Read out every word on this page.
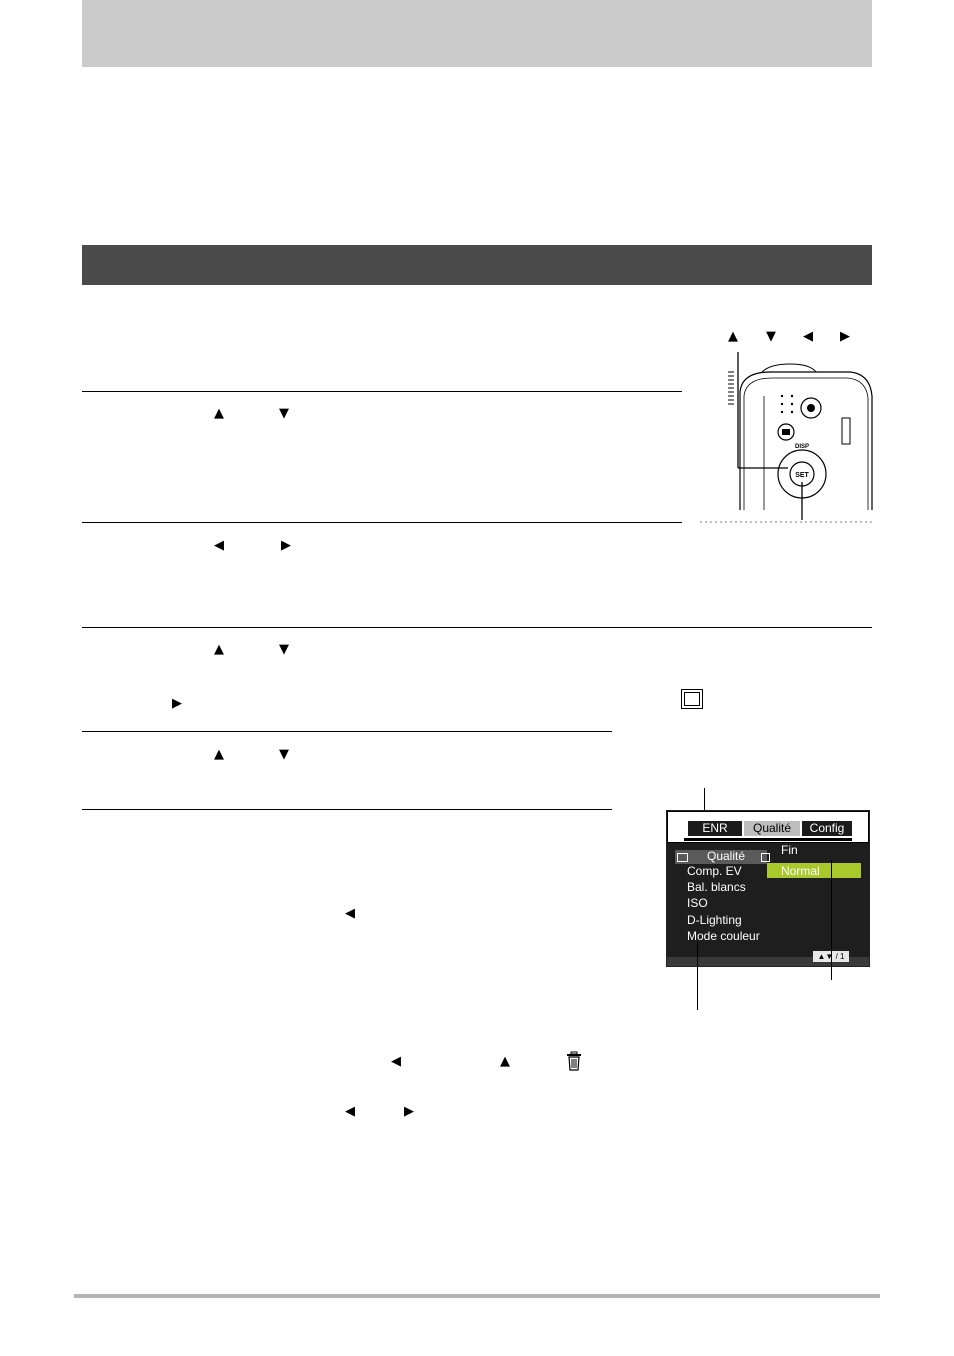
▲	▼
◀	▶
▲	▼
▶
▲	▼
◀
◀	▲
◀	▶
▲ ▼ ◀ ▶
SET
DISP
ENR	Qualité	Config
Qualité
Comp. EV
Bal. blancs
ISO
D-Lighting
Mode couleur
Fin
Normal
▲▼ / 1
